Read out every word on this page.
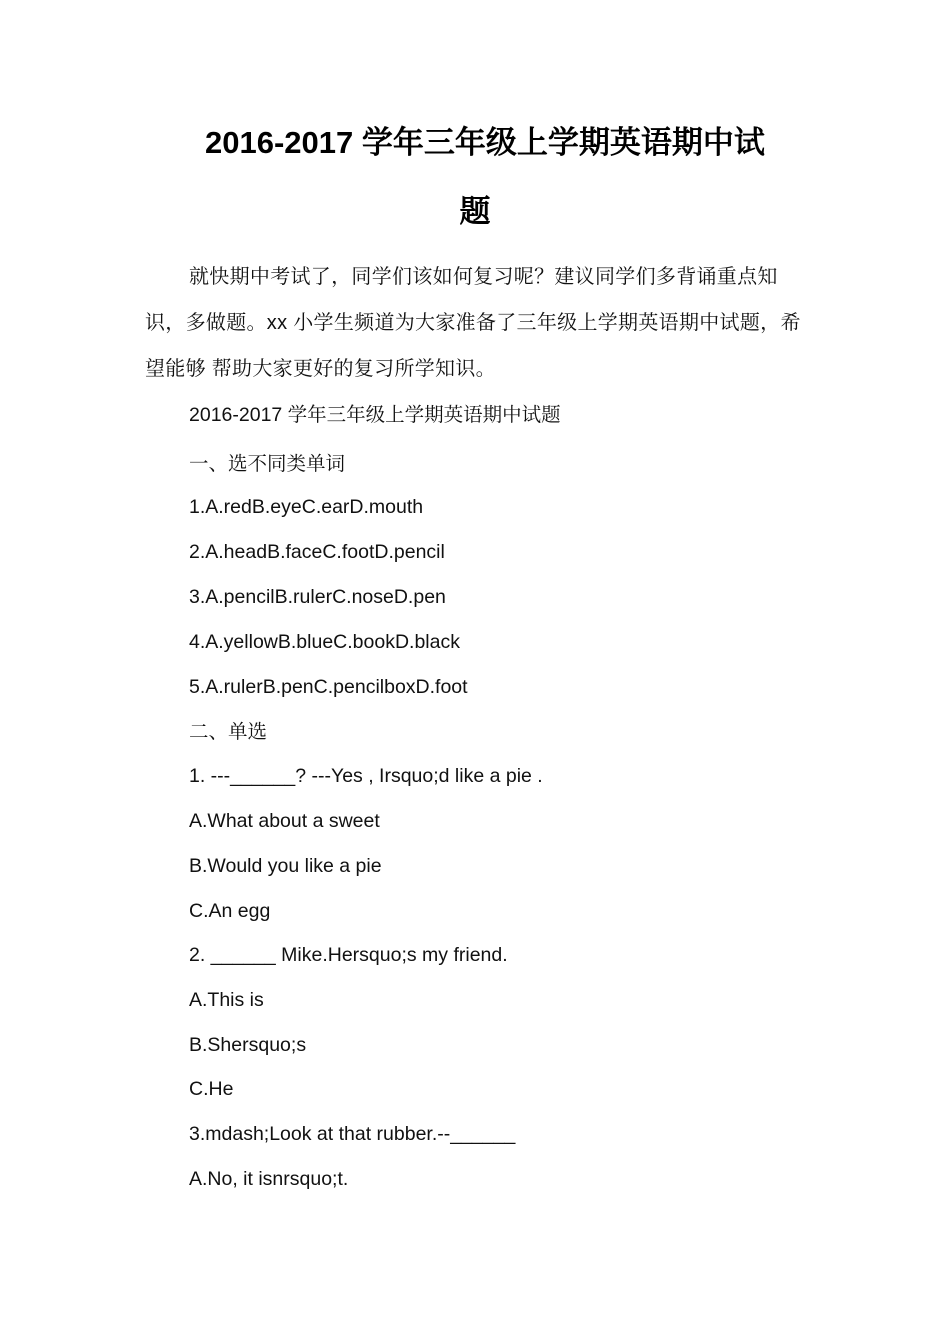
2016-2017 学年三年级上学期英语期中试
题
就快期中考试了，同学们该如何复习呢？建议同学们多背诵重点知识，多做题。xx 小学生频道为大家准备了三年级上学期英语期中试题，希望能够 帮助大家更好的复习所学知识。
2016-2017 学年三年级上学期英语期中试题
一、选不同类单词
1.A.redB.eyeC.earD.mouth
2.A.headB.faceC.footD.pencil
3.A.pencilB.rulerC.noseD.pen
4.A.yellowB.blueC.bookD.black
5.A.rulerB.penC.pencilboxD.foot
二、单选
1. ---______? ---Yes , Irsquo;d like a pie .
A.What about a sweet
B.Would you like a pie
C.An egg
2. ______ Mike.Hersquo;s my friend.
A.This is
B.Shersquo;s
C.He
3.mdash;Look at that rubber.--______
A.No, it isnrsquo;t.
